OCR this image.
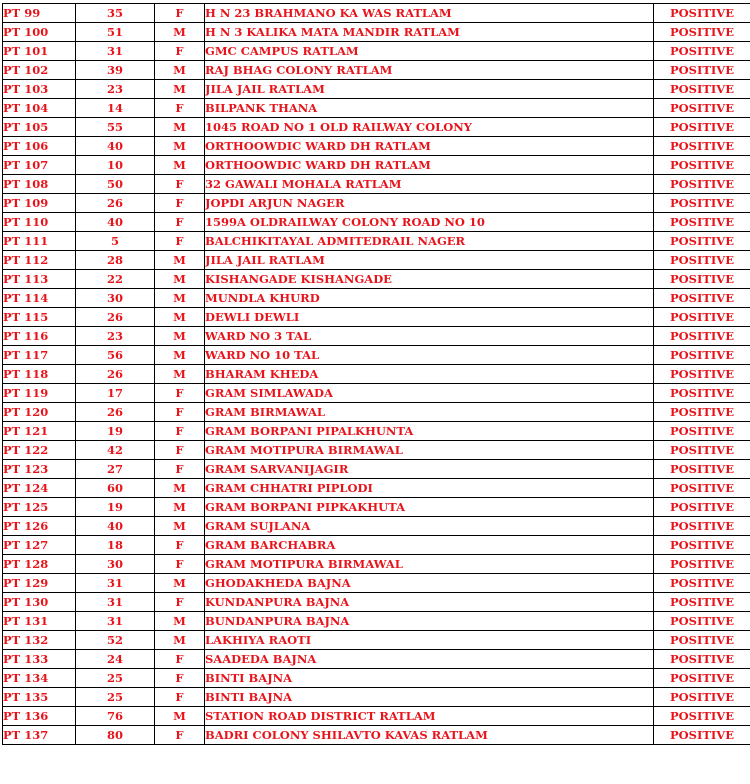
PT 99	35	F	H N 23 BRAHMANO KA WAS RATLAM	POSITIVE
PT 100	51	M	H N 3 KALIKA MATA MANDIR RATLAM	POSITIVE
PT 101	31	F	GMC CAMPUS RATLAM	POSITIVE
PT 102	39	M	RAJ BHAG COLONY RATLAM	POSITIVE
PT 103	23	M	JILA JAIL RATLAM	POSITIVE
PT 104	14	F	BILPANK THANA	POSITIVE
PT 105	55	M	1045 ROAD NO 1 OLD RAILWAY COLONY	POSITIVE
PT 106	40	M	ORTHOOWDIC WARD DH RATLAM	POSITIVE
PT 107	10	M	ORTHOOWDIC WARD DH RATLAM	POSITIVE
PT 108	50	F	32 GAWALI MOHALA RATLAM	POSITIVE
PT 109	26	F	JOPDI ARJUN NAGER	POSITIVE
PT 110	40	F	1599A OLDRAILWAY COLONY ROAD NO 10	POSITIVE
PT 111	5	F	BALCHIKITAYAL ADMITEDRAIL NAGER	POSITIVE
PT 112	28	M	JILA JAIL RATLAM	POSITIVE
PT 113	22	M	KISHANGADE KISHANGADE	POSITIVE
PT 114	30	M	MUNDLA KHURD	POSITIVE
PT 115	26	M	DEWLI DEWLI	POSITIVE
PT 116	23	M	WARD NO 3 TAL	POSITIVE
PT 117	56	M	WARD NO 10 TAL	POSITIVE
PT 118	26	M	BHARAM KHEDA	POSITIVE
PT 119	17	F	GRAM SIMLAWADA	POSITIVE
PT 120	26	F	GRAM BIRMAWAL	POSITIVE
PT 121	19	F	GRAM BORPANI PIPALKHUNTA	POSITIVE
PT 122	42	F	GRAM MOTIPURA BIRMAWAL	POSITIVE
PT 123	27	F	GRAM SARVANIJAGIR	POSITIVE
PT 124	60	M	GRAM CHHATRI PIPLODI	POSITIVE
PT 125	19	M	GRAM BORPANI PIPKAKHUTA	POSITIVE
PT 126	40	M	GRAM SUJLANA	POSITIVE
PT 127	18	F	GRAM BARCHABRA	POSITIVE
PT 128	30	F	GRAM MOTIPURA BIRMAWAL	POSITIVE
PT 129	31	M	GHODAKHEDA BAJNA	POSITIVE
PT 130	31	F	KUNDANPURA BAJNA	POSITIVE
PT 131	31	M	BUNDANPURA BAJNA	POSITIVE
PT 132	52	M	LAKHIYA RAOTI	POSITIVE
PT 133	24	F	SAADEDA BAJNA	POSITIVE
PT 134	25	F	BINTI BAJNA	POSITIVE
PT 135	25	F	BINTI BAJNA	POSITIVE
PT 136	76	M	STATION ROAD DISTRICT RATLAM	POSITIVE
PT 137	80	F	BADRI COLONY SHILAVTO KAVAS RATLAM	POSITIVE
